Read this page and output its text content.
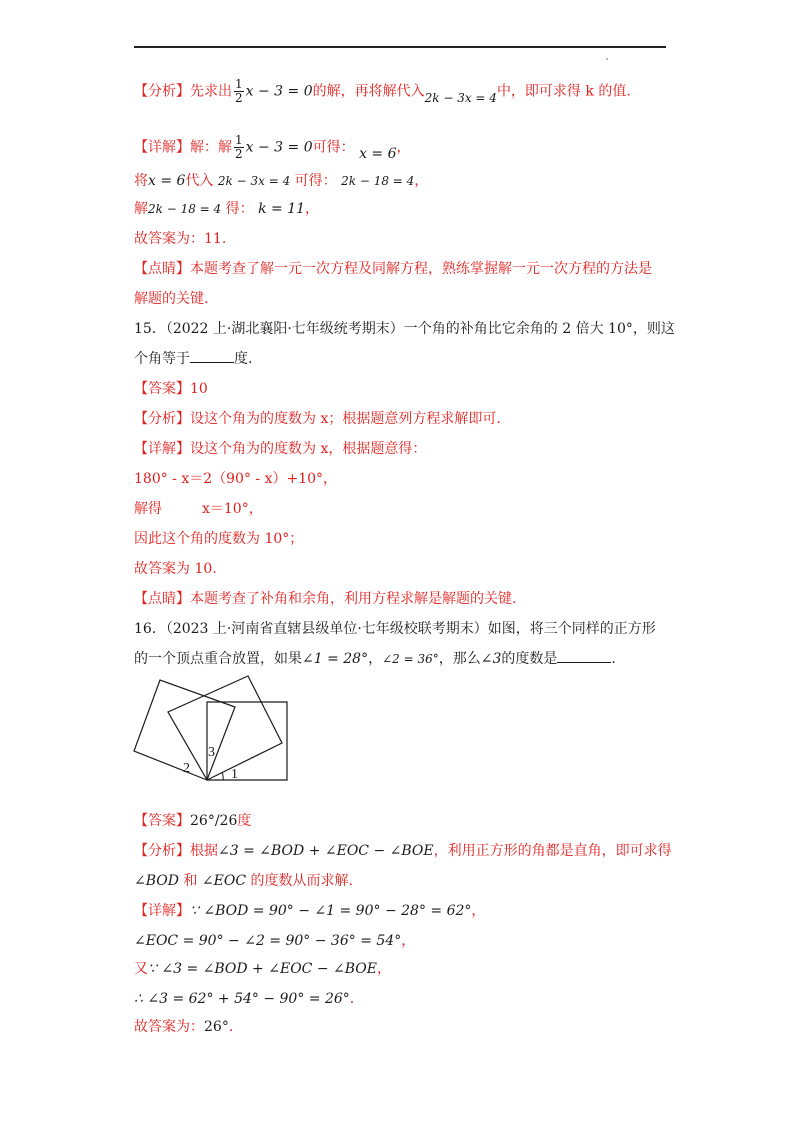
【分析】先求出 $\frac{1}{2}$ x − 3 = 0的解，再将解代入2k − 3x = 4中，即可求得 k 的值.
【详解】解：解 $\frac{1}{2}$ x − 3 = 0可得： x = 6，
将x = 6代入 2k − 3x = 4 可得： 2k − 18 = 4，
解2k − 18 = 4 得： k = 11，
故答案为：11.
【点睛】本题考查了解一元一次方程及同解方程，熟练掌握解一元一次方程的方法是
解题的关键.
15．（2022 上·湖北襄阳·七年级统考期末）一个角的补角比它余角的 2 倍大 10°，则这
个角等于	度.
【答案】10
【分析】设这个角为的度数为 x；根据题意列方程求解即可.
【详解】设这个角为的度数为 x，根据题意得：
180° - x＝2（90° - x）+10°，
解得	x＝10°，
因此这个角的度数为 10°；
故答案为 10.
【点睛】本题考查了补角和余角，利用方程求解是解题的关键.
16．（2023 上·河南省直辖县级单位·七年级校联考期末）如图，将三个同样的正方形
的一个顶点重合放置，如果∠1 = 28°，∠2 = 36°，那么∠3的度数是	.
1
2
3
【答案】26°/26度
【分析】根据∠3 = ∠BOD + ∠EOC − ∠BOE，利用正方形的角都是直角，即可求得
∠BOD 和 ∠EOC 的度数从而求解.
【详解】∵ ∠BOD = 90° − ∠1 = 90° − 28° = 62°，
∠EOC = 90° − ∠2 = 90° − 36° = 54°，
又∵ ∠3 = ∠BOD + ∠EOC − ∠BOE，
∴ ∠3 = 62° + 54° − 90° = 26°.
故答案为：26°.
